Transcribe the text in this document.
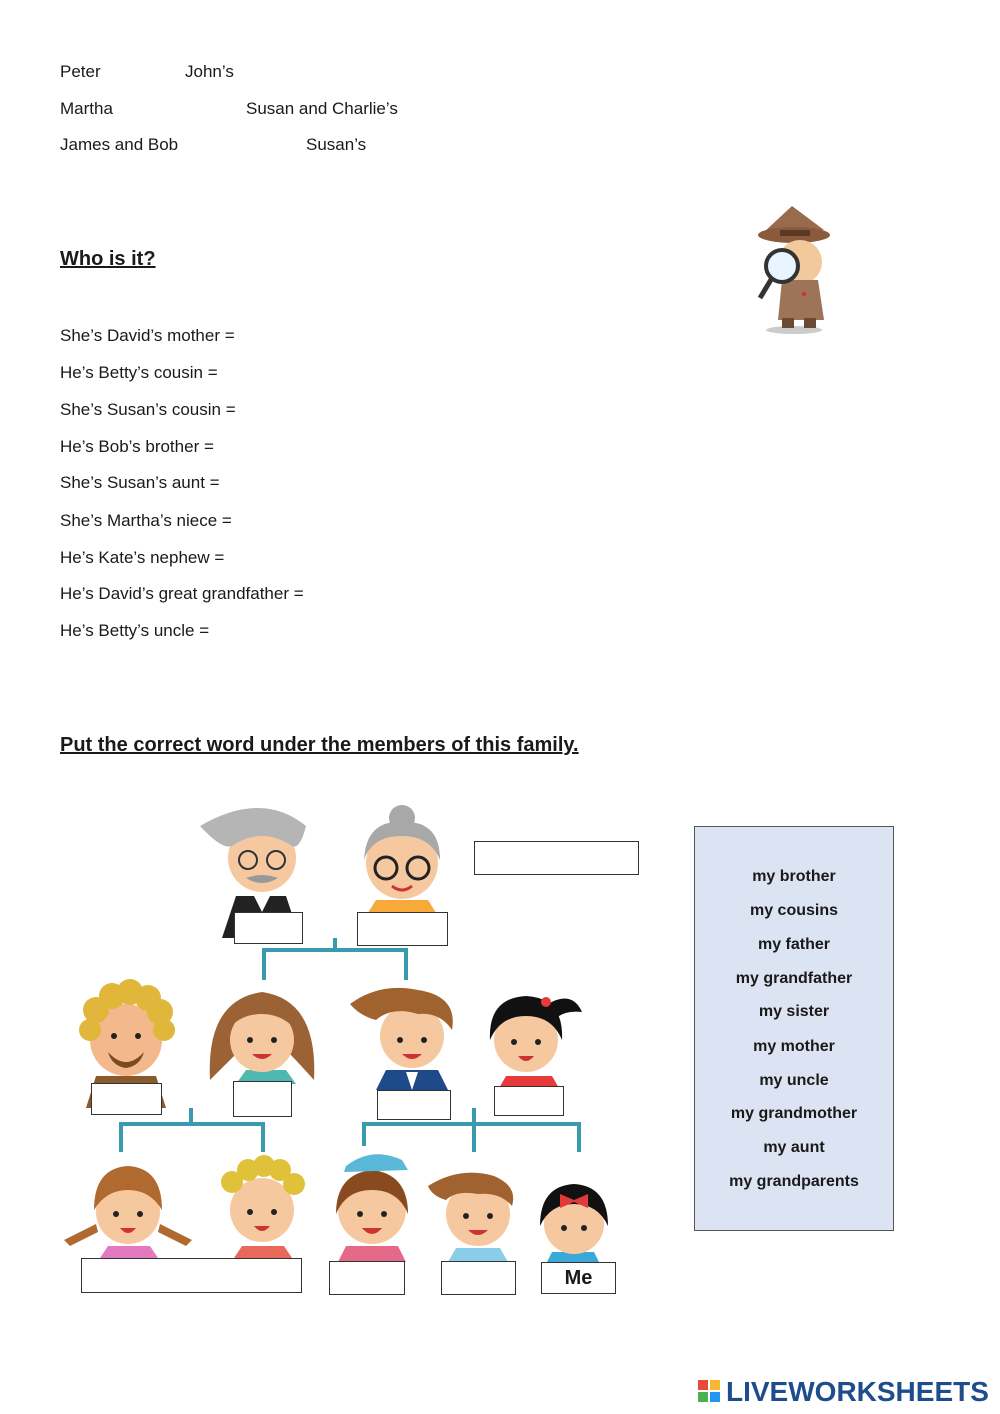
Peter	John’s
Martha	Susan and Charlie’s
James and Bob	Susan’s
Who is it?
She’s David’s mother =
He’s Betty’s cousin =
She’s Susan’s cousin =
He’s Bob’s brother =
She’s Susan’s aunt =
She’s Martha’s niece =
He’s Kate’s nephew =
He’s David’s great grandfather =
He’s Betty’s uncle =
Put the correct word under the members of this family.
Me
my brother
my cousins
my father
my grandfather
my sister
my mother
my uncle
my grandmother
my aunt
my grandparents
LIVEWORKSHEETS
